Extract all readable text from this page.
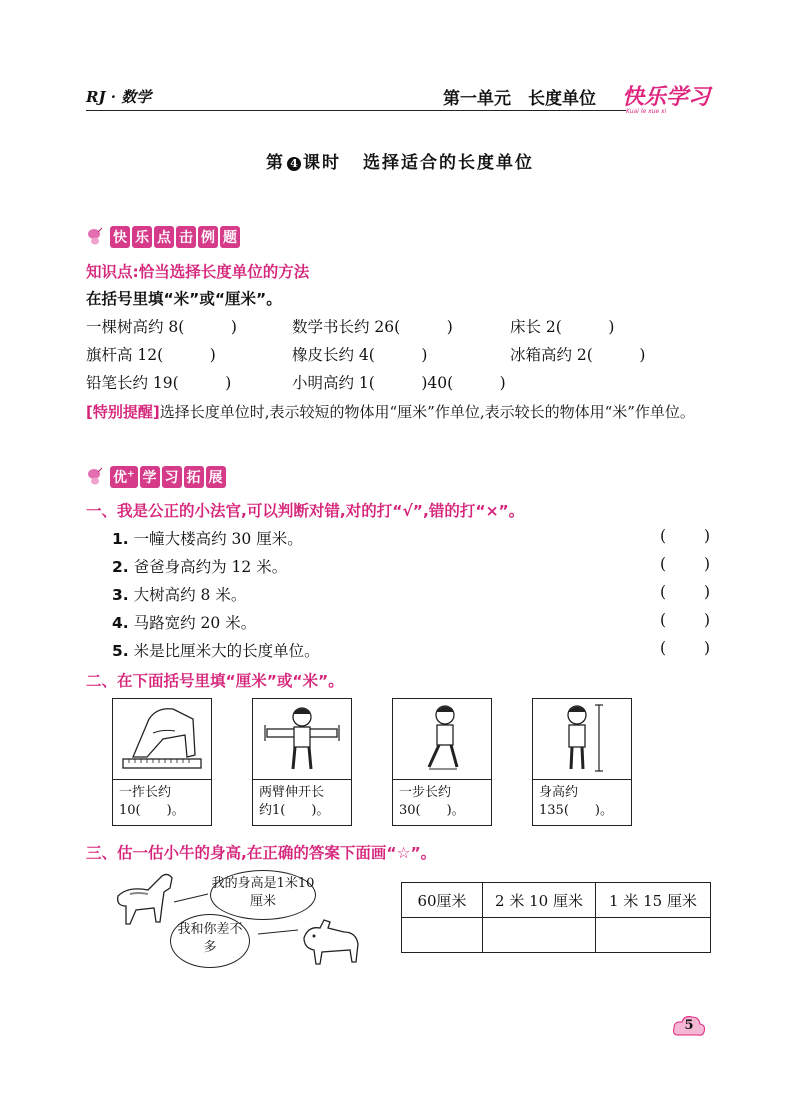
RJ · 数学	第一单元　长度单位 快乐学习
Kuai le xue xi
第 4 课时 选择适合的长度单位
快 乐 点 击 例 题
知识点:恰当选择长度单位的方法
在括号里填“米”或“厘米”。
一棵树高约 8(　　　)	数学书长约 26(　　　)	床长 2(　　　)
旗杆高 12(　　　)	橡皮长约 4(　　　)	冰箱高约 2(　　　)
铅笔长约 19(　　　)	小明高约 1(　　　)40(　　　)
[特别提醒]选择长度单位时,表示较短的物体用“厘米”作单位,表示较长的物体用“米”作单位。
优+ 学 习 拓 展
一、我是公正的小法官,可以判断对错,对的打“√”,错的打“×”。
1. 一幢大楼高约 30 厘米。	( )
2. 爸爸身高约为 12 米。	( )
3. 大树高约 8 米。	( )
4. 马路宽约 20 米。	( )
5. 米是比厘米大的长度单位。	( )
二、在下面括号里填“厘米”或“米”。
一拃长约
10(　　)。
两臂伸开长
约1(　　)。
一步长约
30(　　)。
身高约
135(　　)。
三、估一估小牛的身高,在正确的答案下面画“☆”。
我的身高是1米10厘米
我和你差不多
60厘米	2 米 10 厘米	1 米 15 厘米

5
